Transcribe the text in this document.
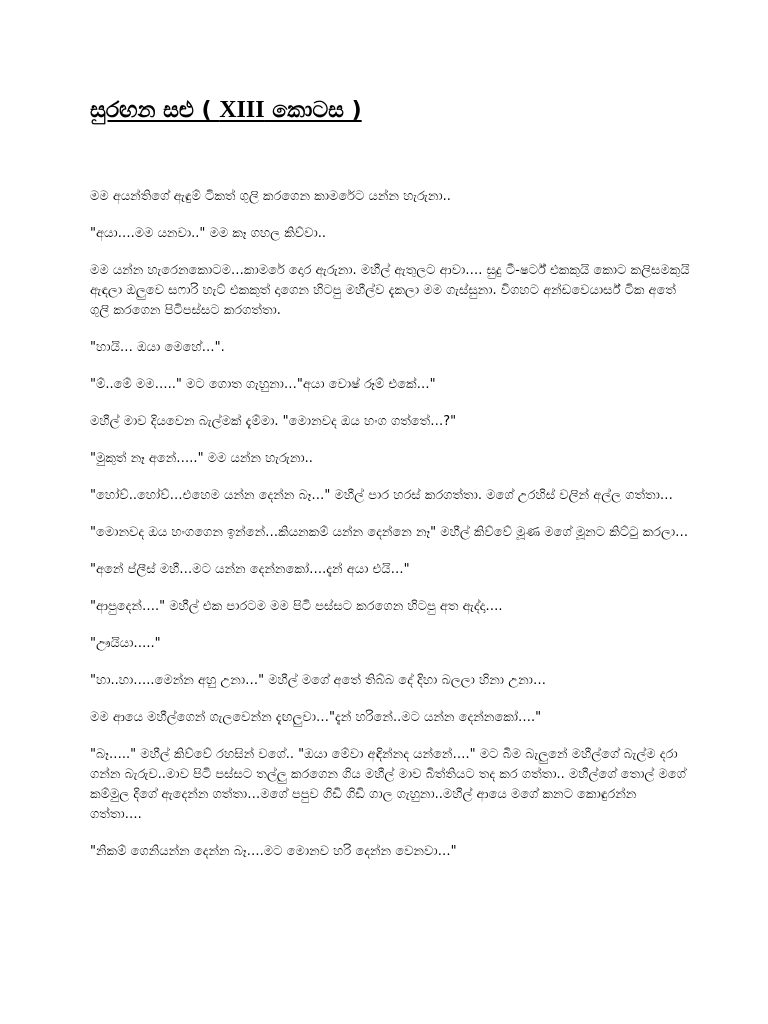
සුරඟන සළු ( XIII කොටස )

මම අයන්තිගේ ඇඳුම් ටිකත් ගුලි කරගෙන කාමරේට යන්න හැරුනා..

"අයා….මම යනවා.." මම කෑ ගහල කිව්වා..

මම යන්න හැරෙනකොටම…කාමරේ දොර ඇරුනා. මහීල් ඇතුලට ආවා…. සුදු ටී-ෂර්ට් එකකුයි කොට කලිසමකුයි ඇඳලා ඔලුවෙ සෆාරි හැට් එකකුත් දාගෙන හිටපු මහීල්ව දැකලා මම ගැස්සුනා. විගහට අන්ඩවෙයාර්ස් ටික අතේ ගුලි කරගෙන පිටිපස්සට කරගත්තා.

"හායි… ඔයා මෙහේ…".

"ම්..මේ මම….." මට ගොත ගැහුනා…"අයා වොෂ් රූම් එකේ…"

මහීල් මාව දියවෙන බැල්මක් දැම්මා. "මොනවද ඔය හංග ගත්තේ…?"

"මුකුත් නෑ අනේ….." මම යන්න හැරුනා..

"හෝව්..හෝව්…එහෙම යන්න දෙන්න බෑ…" මහීල් පාර හරස් කරගත්තා. මගේ උරහිස් වලින් අල්ල ගත්තා…

"මොනවද ඔය හංගගෙන ඉන්නේ…කියනකම් යන්න දෙන්නෙ නෑ" මහීල් කිව්වේ මූණ මගේ මූනට කිට්ටු කරලා…

"අනේ ප්ලීස් මහී…මට යන්න දෙන්නකෝ….දැන් අයා එයි…"

"ආපුදෙන්…." මහීල් එක පාරටම මම පිටි පස්සට කරගෙන හිටපු අත ඇද්දා….

"ඌයියා….."

"හා..හා…..මෙන්න අහු උනා…" මහීල් මගේ අතේ තිබ්බ දේ දිහා බලලා හිනා උනා…

මම ආයෙ මහීල්ගෙන් ගැලවෙන්න දැඟලුවා…"දැන් හරිනේ..මට යන්න දෙන්නකෝ…."

"බෑ….." මහීල් කිව්වේ රහසින් වගේ.. "ඔයා මේවා අඳින්නද යන්නේ…." මට බිම බැලුනේ මහීල්ගේ බැල්ම දරා ගන්න බැරුව..මාව පිටි පස්සට තල්ලු කරගෙන ගිය මහීල් මාව බිත්තියට තද කර ගත්තා.. මහීල්ගේ තොල් මගේ කම්මුල දිගේ ඇදෙන්න ගත්තා…මගේ පපුව ගිඩි ගිඩි ගාල ගැහුනා..මහීල් ආයෙ මගේ කනට කොඳුරන්න ගත්තා….

"නිකම් ගෙනියන්න දෙන්න බෑ….මට මොනව හරි දෙන්න වෙනවා…"
